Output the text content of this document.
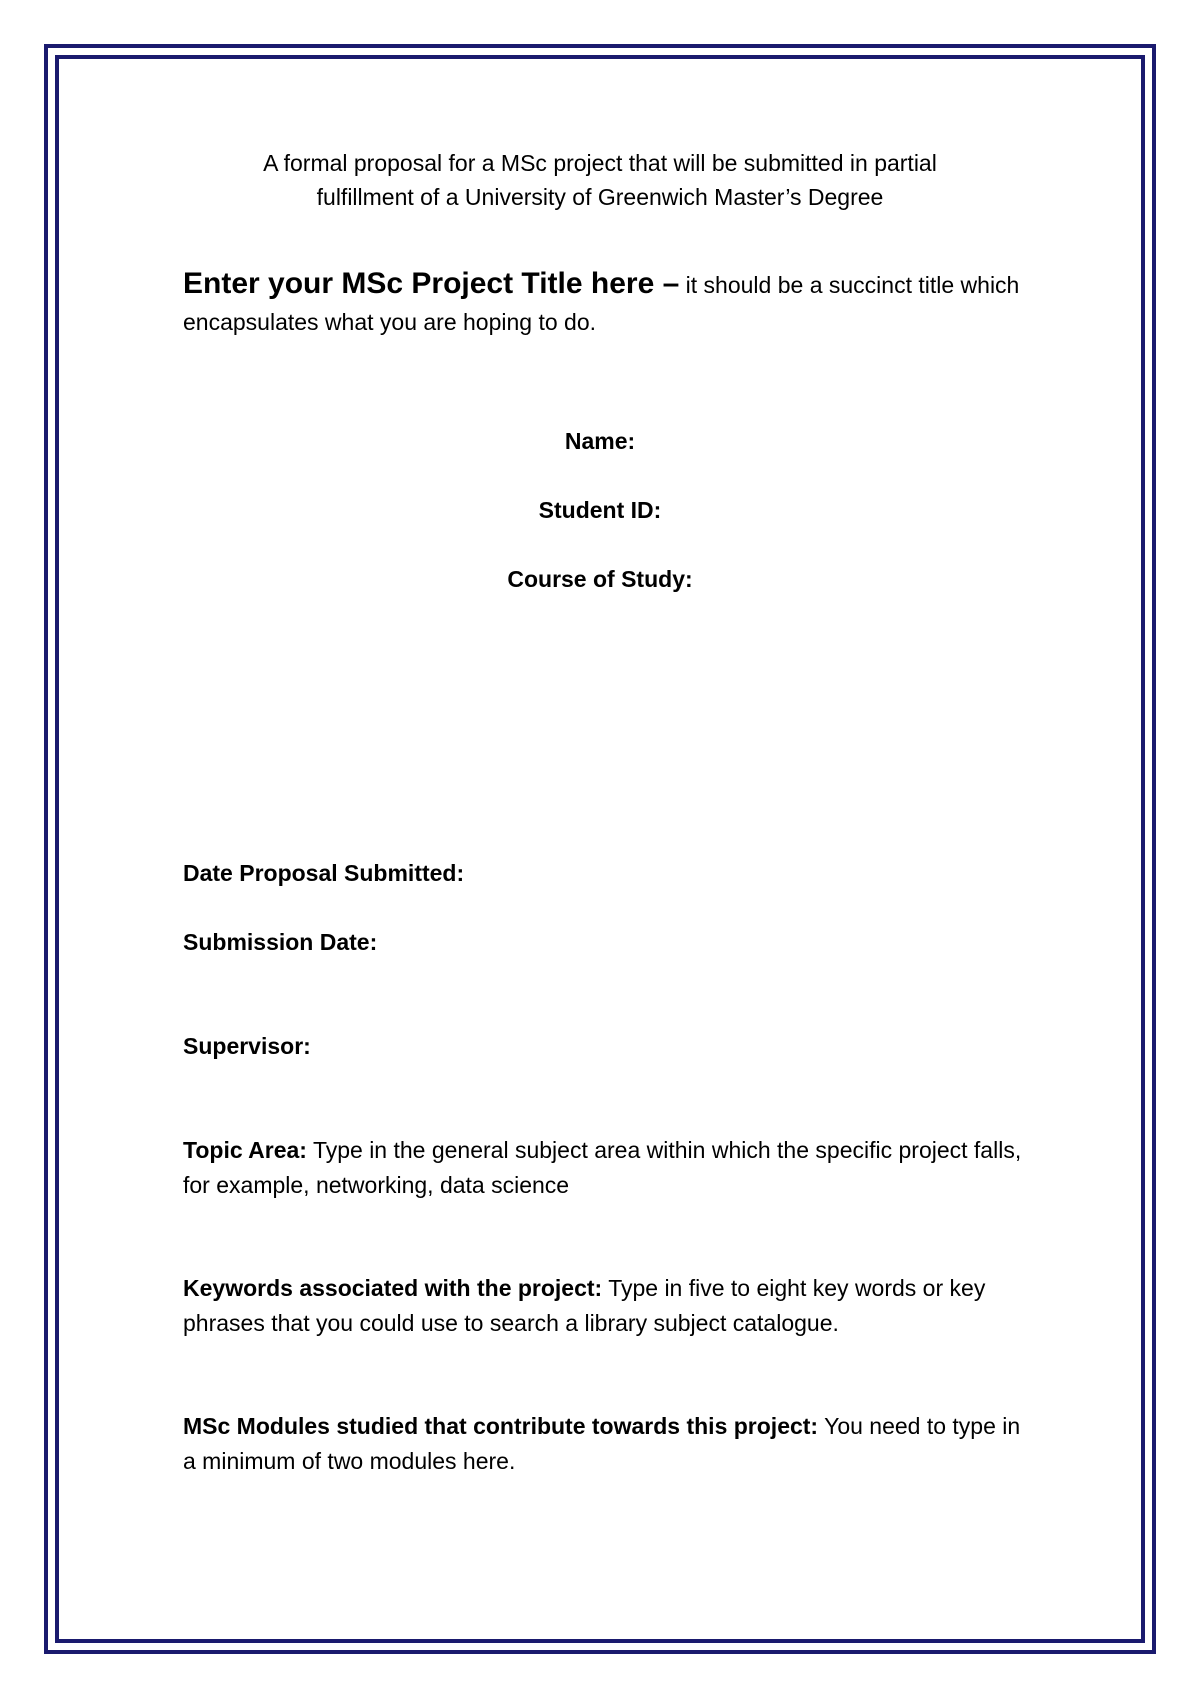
A formal proposal for a MSc project that will be submitted in partial
fulfillment of a University of Greenwich Master’s Degree
Enter your MSc Project Title here – it should be a succinct title which encapsulates what you are hoping to do.
Name:
Student ID:
Course of Study:
Date Proposal Submitted:
Submission Date:
Supervisor:
Topic Area: Type in the general subject area within which the specific project falls, for example, networking, data science
Keywords associated with the project: Type in five to eight key words or key phrases that you could use to search a library subject catalogue.
MSc Modules studied that contribute towards this project: You need to type in a minimum of two modules here.
